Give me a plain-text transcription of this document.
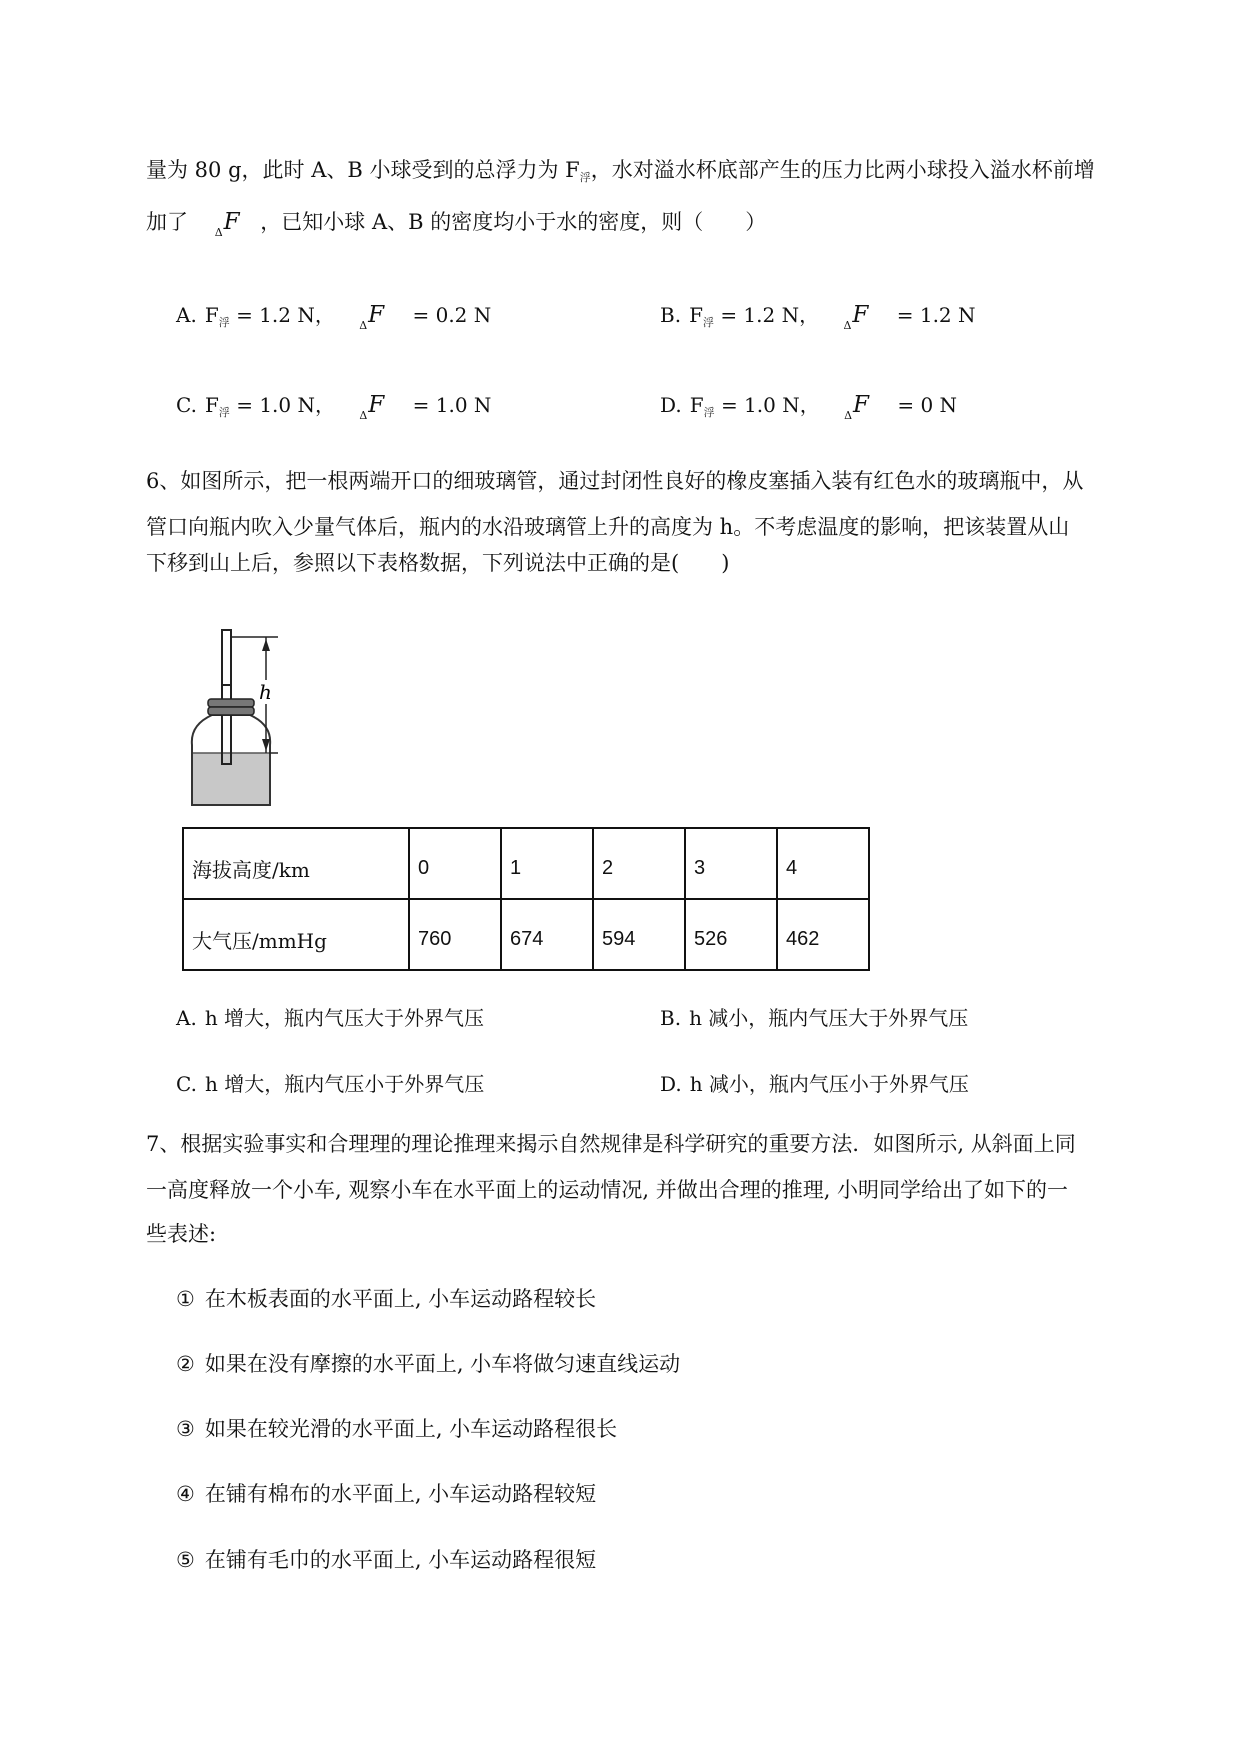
量为 80 g，此时 A、B 小球受到的总浮力为 $F_浮$，水对溢水杯底部产生的压力比两小球投入溢水杯前增
加了 $_\Delta$F ，已知小球 A、B 的密度均小于水的密度，则（　　）
A. $F_浮 = 1.2$ N， $_\Delta$F = 0.2 N	B. $F_浮 = 1.2$ N， $_\Delta$F = 1.2 N
C. $F_浮 = 1.0$ N， $_\Delta$F = 1.0 N	D. $F_浮 = 1.0$ N， $_\Delta$F = 0 N
6、如图所示，把一根两端开口的细玻璃管，通过封闭性良好的橡皮塞插入装有红色水的玻璃瓶中，从
管口向瓶内吹入少量气体后，瓶内的水沿玻璃管上升的高度为 h。不考虑温度的影响，把该装置从山
下移到山上后，参照以下表格数据，下列说法中正确的是(　　)
h
海拔高度/km	0	1	2	3	4
大气压/mmHg	760	674	594	526	462
A. h 增大，瓶内气压大于外界气压	B. h 减小，瓶内气压大于外界气压
C. h 增大，瓶内气压小于外界气压	D. h 减小，瓶内气压小于外界气压
7、根据实验事实和合理理的理论推理来揭示自然规律是科学研究的重要方法．如图所示, 从斜面上同
一高度释放一个小车, 观察小车在水平面上的运动情况, 并做出合理的推理, 小明同学给出了如下的一
些表述:
① 在木板表面的水平面上, 小车运动路程较长
② 如果在没有摩擦的水平面上, 小车将做匀速直线运动
③ 如果在较光滑的水平面上, 小车运动路程很长
④ 在铺有棉布的水平面上, 小车运动路程较短
⑤ 在铺有毛巾的水平面上, 小车运动路程很短
